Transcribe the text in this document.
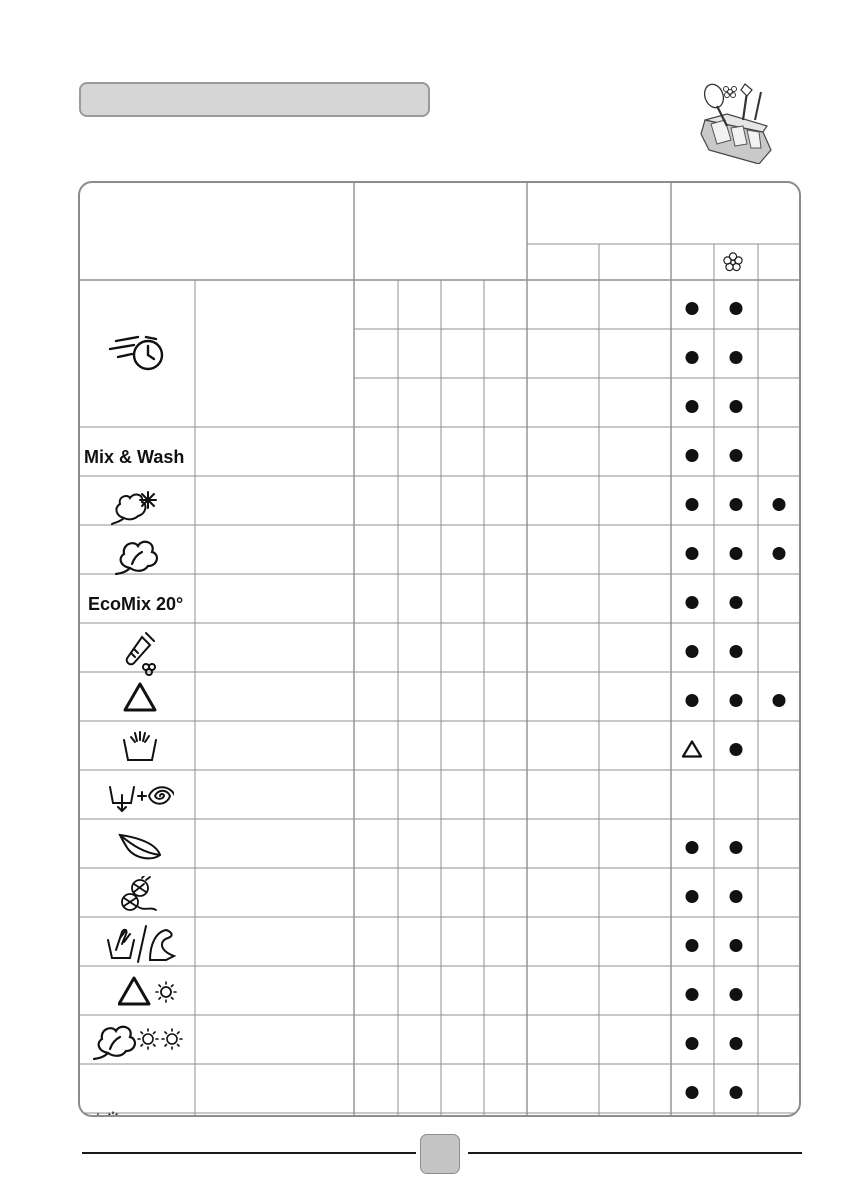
Mix & Wash
EcoMix 20°
